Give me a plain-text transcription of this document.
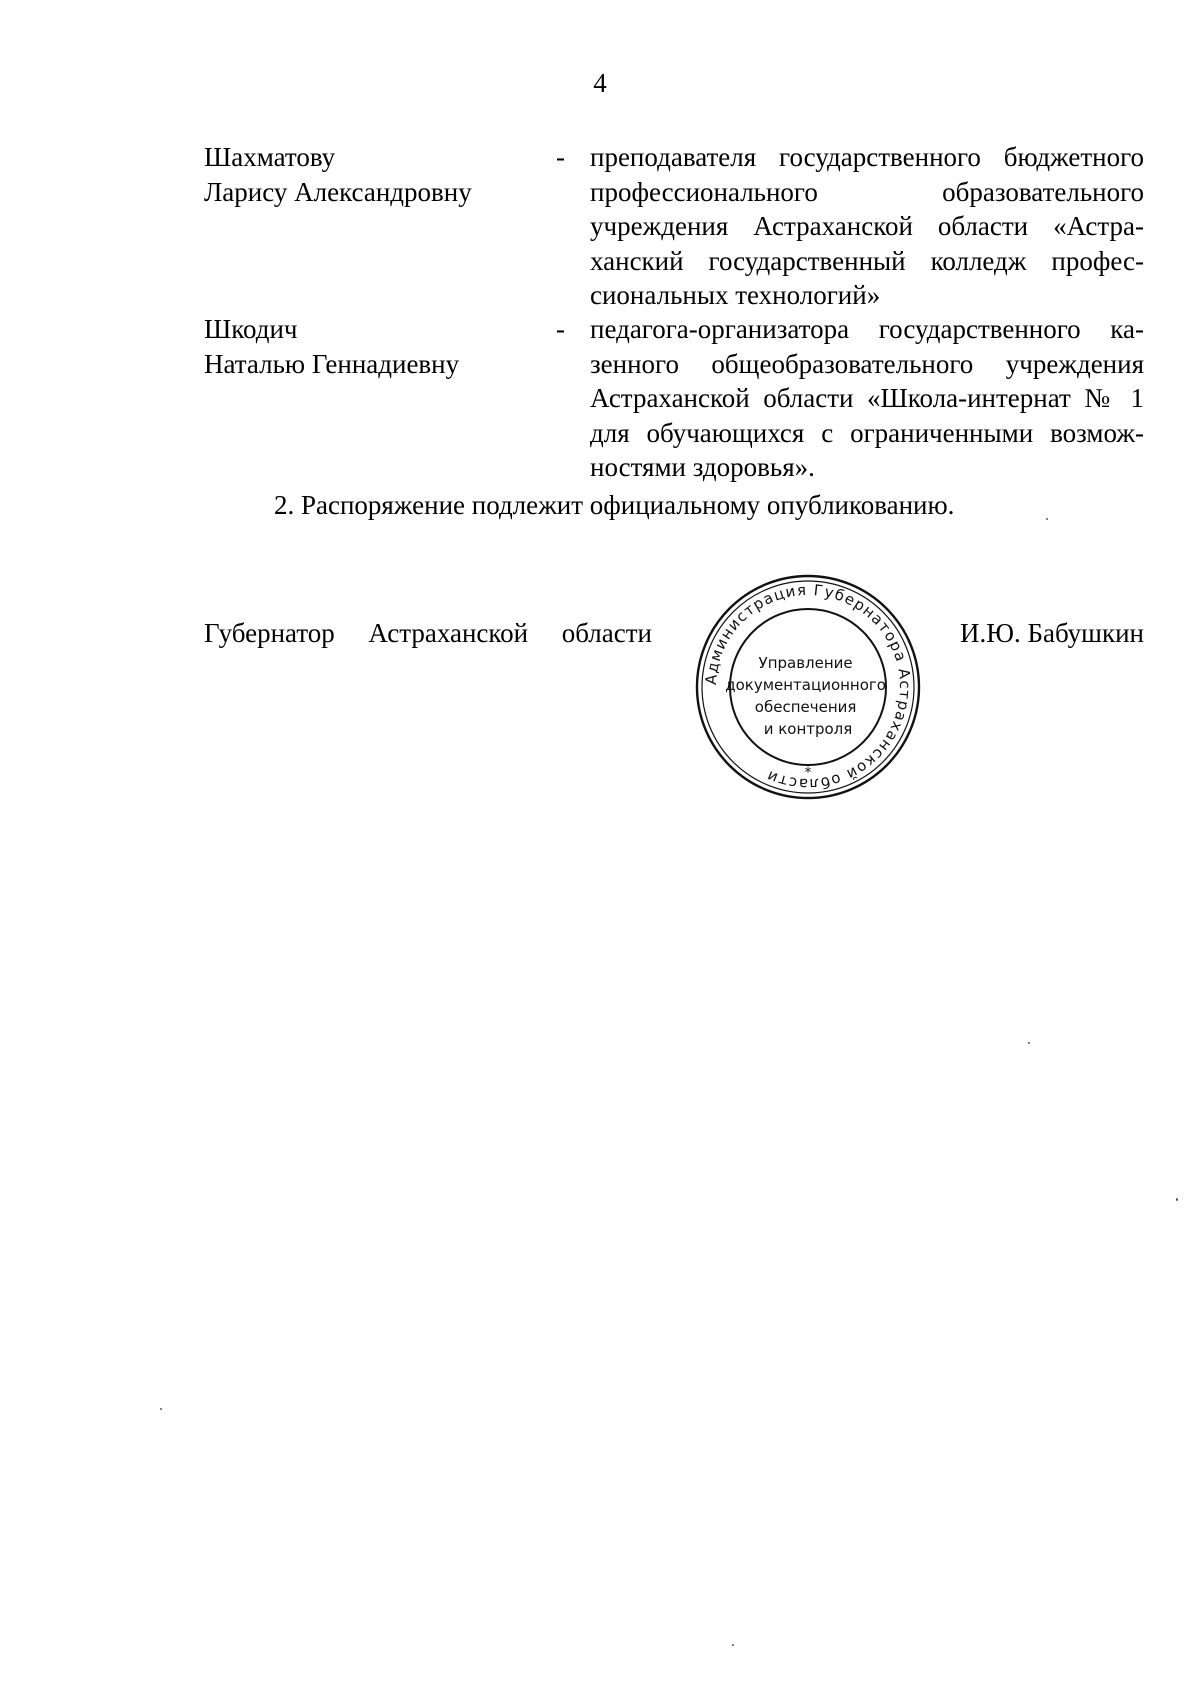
4
Шахматову
Ларису Александровну
- преподавателя государственного бюджетного профессионального образовательного учреждения Астраханской области «Астраханский государственный колледж профессиональных технологий»
Шкодич
Наталью Геннадиевну
- педагога-организатора государственного казенного общеобразовательного учреждения Астраханской области «Школа-интернат № 1 для обучающихся с ограниченными возможностями здоровья».
2. Распоряжение подлежит официальному опубликованию.
Губернатор Астраханской области
Администрация Губернатора Астраханской области	*
Управление документационного обеспечения и контроля
И.Ю. Бабушкин
